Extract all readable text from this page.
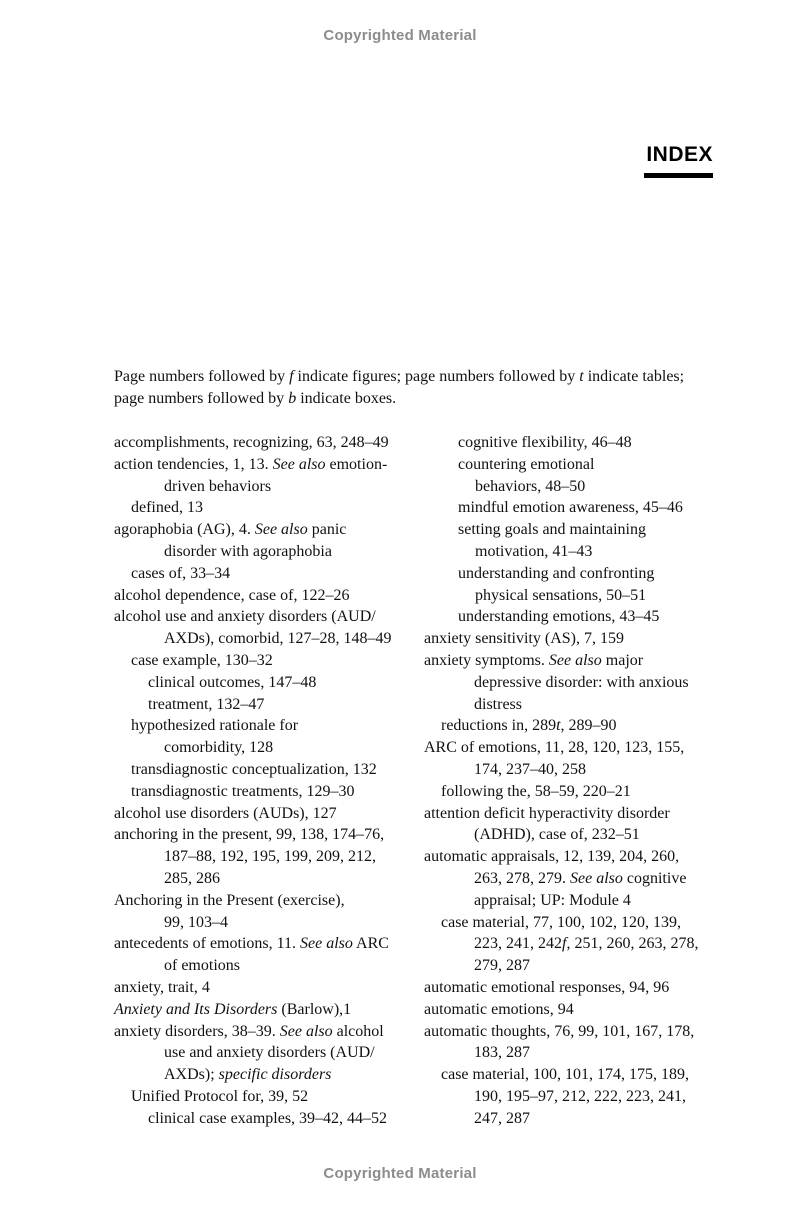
Copyrighted Material
INDEX
Page numbers followed by f indicate figures; page numbers followed by t indicate tables; page numbers followed by b indicate boxes.
accomplishments, recognizing, 63, 248–49
action tendencies, 1, 13. See also emotion-
driven behaviors
defined, 13
agoraphobia (AG), 4. See also panic
disorder with agoraphobia
cases of, 33–34
alcohol dependence, case of, 122–26
alcohol use and anxiety disorders (AUD/
AXDs), comorbid, 127–28, 148–49
case example, 130–32
clinical outcomes, 147–48
treatment, 132–47
hypothesized rationale for
comorbidity, 128
transdiagnostic conceptualization, 132
transdiagnostic treatments, 129–30
alcohol use disorders (AUDs), 127
anchoring in the present, 99, 138, 174–76,
187–88, 192, 195, 199, 209, 212,
285, 286
Anchoring in the Present (exercise),
99, 103–4
antecedents of emotions, 11. See also ARC
of emotions
anxiety, trait, 4
Anxiety and Its Disorders (Barlow),1
anxiety disorders, 38–39. See also alcohol
use and anxiety disorders (AUD/
AXDs); specific disorders
Unified Protocol for, 39, 52
clinical case examples, 39–42, 44–52
cognitive flexibility, 46–48
countering emotional
behaviors, 48–50
mindful emotion awareness, 45–46
setting goals and maintaining
motivation, 41–43
understanding and confronting
physical sensations, 50–51
understanding emotions, 43–45
anxiety sensitivity (AS), 7, 159
anxiety symptoms. See also major
depressive disorder: with anxious
distress
reductions in, 289t, 289–90
ARC of emotions, 11, 28, 120, 123, 155,
174, 237–40, 258
following the, 58–59, 220–21
attention deficit hyperactivity disorder
(ADHD), case of, 232–51
automatic appraisals, 12, 139, 204, 260,
263, 278, 279. See also cognitive
appraisal; UP: Module 4
case material, 77, 100, 102, 120, 139,
223, 241, 242f, 251, 260, 263, 278,
279, 287
automatic emotional responses, 94, 96
automatic emotions, 94
automatic thoughts, 76, 99, 101, 167, 178,
183, 287
case material, 100, 101, 174, 175, 189,
190, 195–97, 212, 222, 223, 241,
247, 287
Copyrighted Material
